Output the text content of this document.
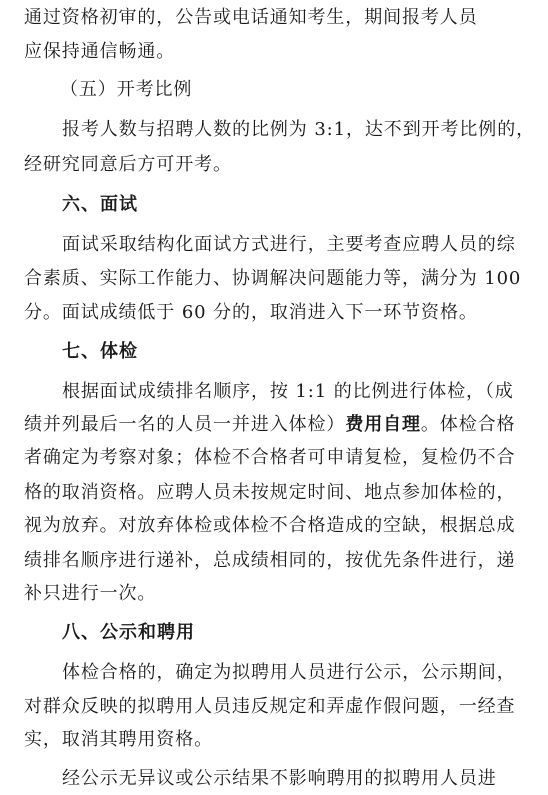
通过资格初审的，公告或电话通知考生，期间报考人员
应保持通信畅通。
（五）开考比例
报考人数与招聘人数的比例为 3:1，达不到开考比例的，
经研究同意后方可开考。
六、面试
面试采取结构化面试方式进行，主要考查应聘人员的综
合素质、实际工作能力、协调解决问题能力等，满分为 100
分。面试成绩低于 60 分的，取消进入下一环节资格。
七、体检
根据面试成绩排名顺序，按 1:1 的比例进行体检，（成
绩并列最后一名的人员一并进入体检）费用自理。体检合格
者确定为考察对象；体检不合格者可申请复检，复检仍不合
格的取消资格。应聘人员未按规定时间、地点参加体检的，
视为放弃。对放弃体检或体检不合格造成的空缺，根据总成
绩排名顺序进行递补，总成绩相同的，按优先条件进行，递
补只进行一次。
八、公示和聘用
体检合格的，确定为拟聘用人员进行公示，公示期间，
对群众反映的拟聘用人员违反规定和弄虚作假问题，一经查
实，取消其聘用资格。
经公示无异议或公示结果不影响聘用的拟聘用人员进
